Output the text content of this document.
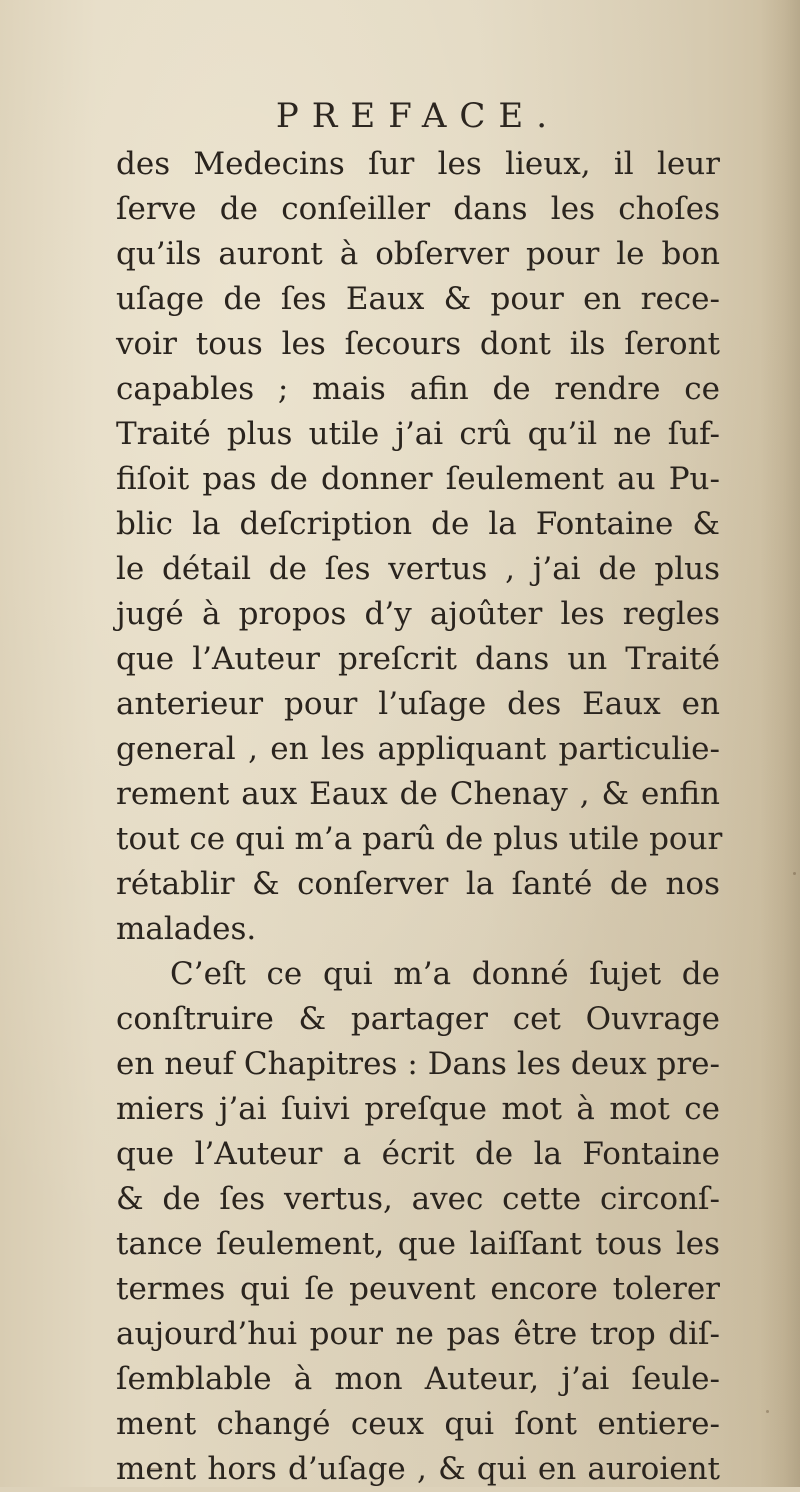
PREFACE.
des Medecins ſur les lieux, il leur
ſerve de conſeiller dans les choſes
qu’ils auront à obſerver pour le bon
uſage de ſes Eaux & pour en rece-
voir tous les ſecours dont ils ſeront
capables ; mais afin de rendre ce
Traité plus utile j’ai crû qu’il ne ſuf-
fiſoit pas de donner ſeulement au Pu-
blic la deſcription de la Fontaine &
le détail de ſes vertus , j’ai de plus
jugé à propos d’y ajoûter les regles
que l’Auteur preſcrit dans un Traité
anterieur pour l’uſage des Eaux en
general , en les appliquant particulie-
rement aux Eaux de Chenay , & enfin
tout ce qui m’a parû de plus utile pour
rétablir & conſerver la ſanté de nos
malades.
C’eſt ce qui m’a donné ſujet de
conſtruire & partager cet Ouvrage
en neuf Chapitres : Dans les deux pre-
miers j’ai ſuivi preſque mot à mot ce
que l’Auteur a écrit de la Fontaine
& de ſes vertus, avec cette circonſ-
tance ſeulement, que laiſſant tous les
termes qui ſe peuvent encore tolerer
aujourd’hui pour ne pas être trop diſ-
ſemblable à mon Auteur, j’ai ſeule-
ment changé ceux qui ſont entiere-
ment hors d’uſage , & qui en auroient
